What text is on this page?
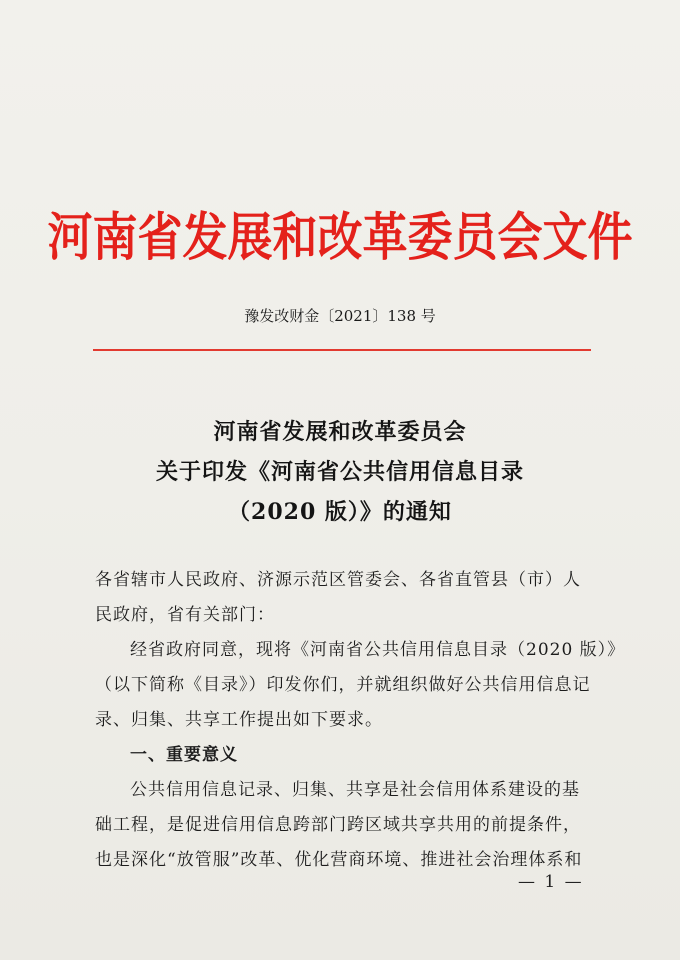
河南省发展和改革委员会文件
豫发改财金〔2021〕138 号
河南省发展和改革委员会
关于印发《河南省公共信用信息目录
（2020 版）》的通知
各省辖市人民政府、济源示范区管委会、各省直管县（市）人
民政府，省有关部门：
经省政府同意，现将《河南省公共信用信息目录（2020 版）》
（以下简称《目录》）印发你们，并就组织做好公共信用信息记
录、归集、共享工作提出如下要求。
一、重要意义
公共信用信息记录、归集、共享是社会信用体系建设的基
础工程，是促进信用信息跨部门跨区域共享共用的前提条件，
也是深化“放管服”改革、优化营商环境、推进社会治理体系和
— 1 —
